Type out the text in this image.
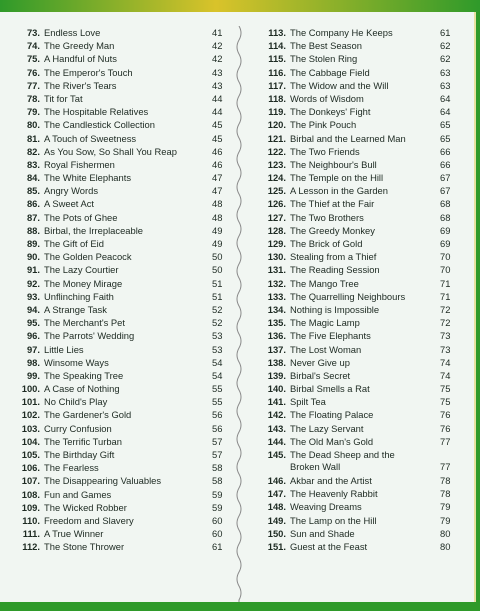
73. Endless Love	41
74. The Greedy Man	42
75. A Handful of Nuts	42
76. The Emperor's Touch	43
77. The River's Tears	43
78. Tit for Tat	44
79. The Hospitable Relatives	44
80. The Candlestick Collection	45
81. A Touch of Sweetness	45
82. As You Sow, So Shall You Reap	46
83. Royal Fishermen	46
84. The White Elephants	47
85. Angry Words	47
86. A Sweet Act	48
87. The Pots of Ghee	48
88. Birbal, the Irreplaceable	49
89. The Gift of Eid	49
90. The Golden Peacock	50
91. The Lazy Courtier	50
92. The Money Mirage	51
93. Unflinching Faith	51
94. A Strange Task	52
95. The Merchant's Pet	52
96. The Parrots' Wedding	53
97. Little Lies	53
98. Winsome Ways	54
99. The Speaking Tree	54
100. A Case of Nothing	55
101. No Child's Play	55
102. The Gardener's Gold	56
103. Curry Confusion	56
104. The Terrific Turban	57
105. The Birthday Gift	57
106. The Fearless	58
107. The Disappearing Valuables	58
108. Fun and Games	59
109. The Wicked Robber	59
110. Freedom and Slavery	60
111. A True Winner	60
112. The Stone Thrower	61
113. The Company He Keeps	61
114. The Best Season	62
115. The Stolen Ring	62
116. The Cabbage Field	63
117. The Widow and the Will	63
118. Words of Wisdom	64
119. The Donkeys' Fight	64
120. The Pink Pouch	65
121. Birbal and the Learned Man	65
122. The Two Friends	66
123. The Neighbour's Bull	66
124. The Temple on the Hill	67
125. A Lesson in the Garden	67
126. The Thief at the Fair	68
127. The Two Brothers	68
128. The Greedy Monkey	69
129. The Brick of Gold	69
130. Stealing from a Thief	70
131. The Reading Session	70
132. The Mango Tree	71
133. The Quarrelling Neighbours	71
134. Nothing is Impossible	72
135. The Magic Lamp	72
136. The Five Elephants	73
137. The Lost Woman	73
138. Never Give up	74
139. Birbal's Secret	74
140. Birbal Smells a Rat	75
141. Spilt Tea	75
142. The Floating Palace	76
143. The Lazy Servant	76
144. The Old Man's Gold	77
145. The Dead Sheep and the Broken Wall	77
146. Akbar and the Artist	78
147. The Heavenly Rabbit	78
148. Weaving Dreams	79
149. The Lamp on the Hill	79
150. Sun and Shade	80
151. Guest at the Feast	80
